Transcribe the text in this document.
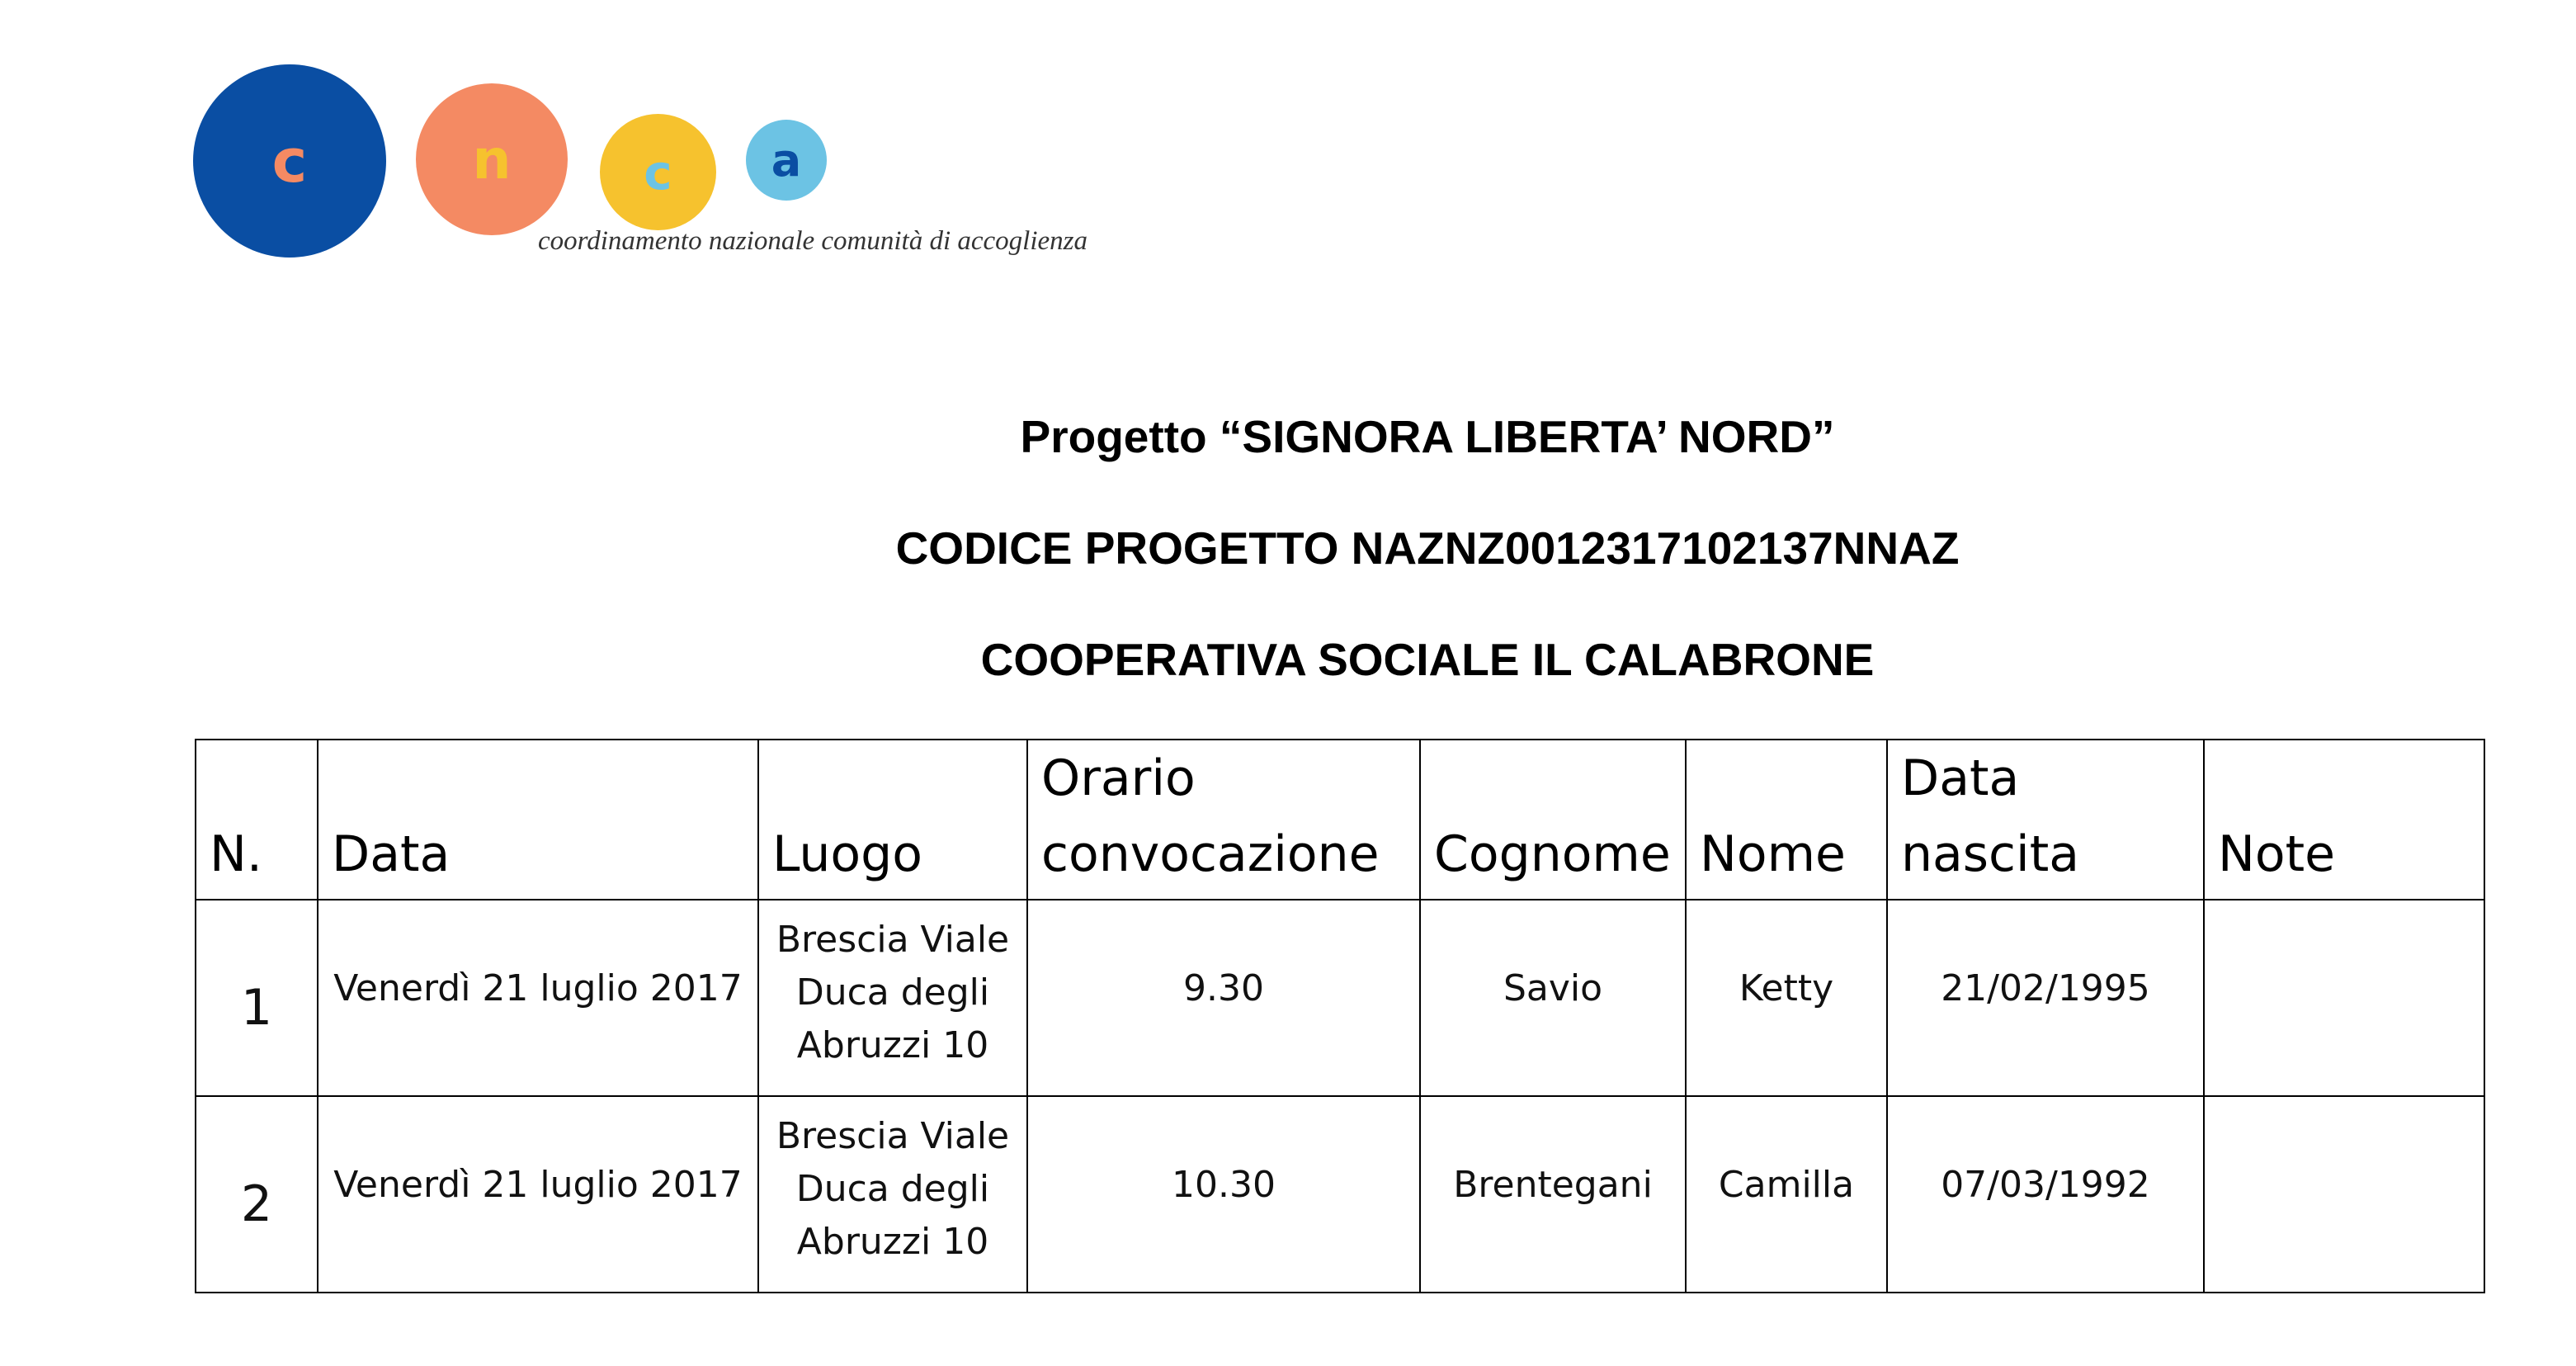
c	n	c a
coordinamento nazionale comunità di accoglienza
Progetto “SIGNORA LIBERTA’ NORD”
CODICE PROGETTO NAZNZ0012317102137NNAZ
COOPERATIVA SOCIALE IL CALABRONE
N.	Data	Luogo	Orario convocazione	Cognome	Nome	Data nascita	Note
1	Venerdì 21 luglio 2017	Brescia Viale Duca degli Abruzzi 10	9.30	Savio	Ketty	21/02/1995	
2	Venerdì 21 luglio 2017	Brescia Viale Duca degli Abruzzi 10	10.30	Brentegani	Camilla	07/03/1992	
